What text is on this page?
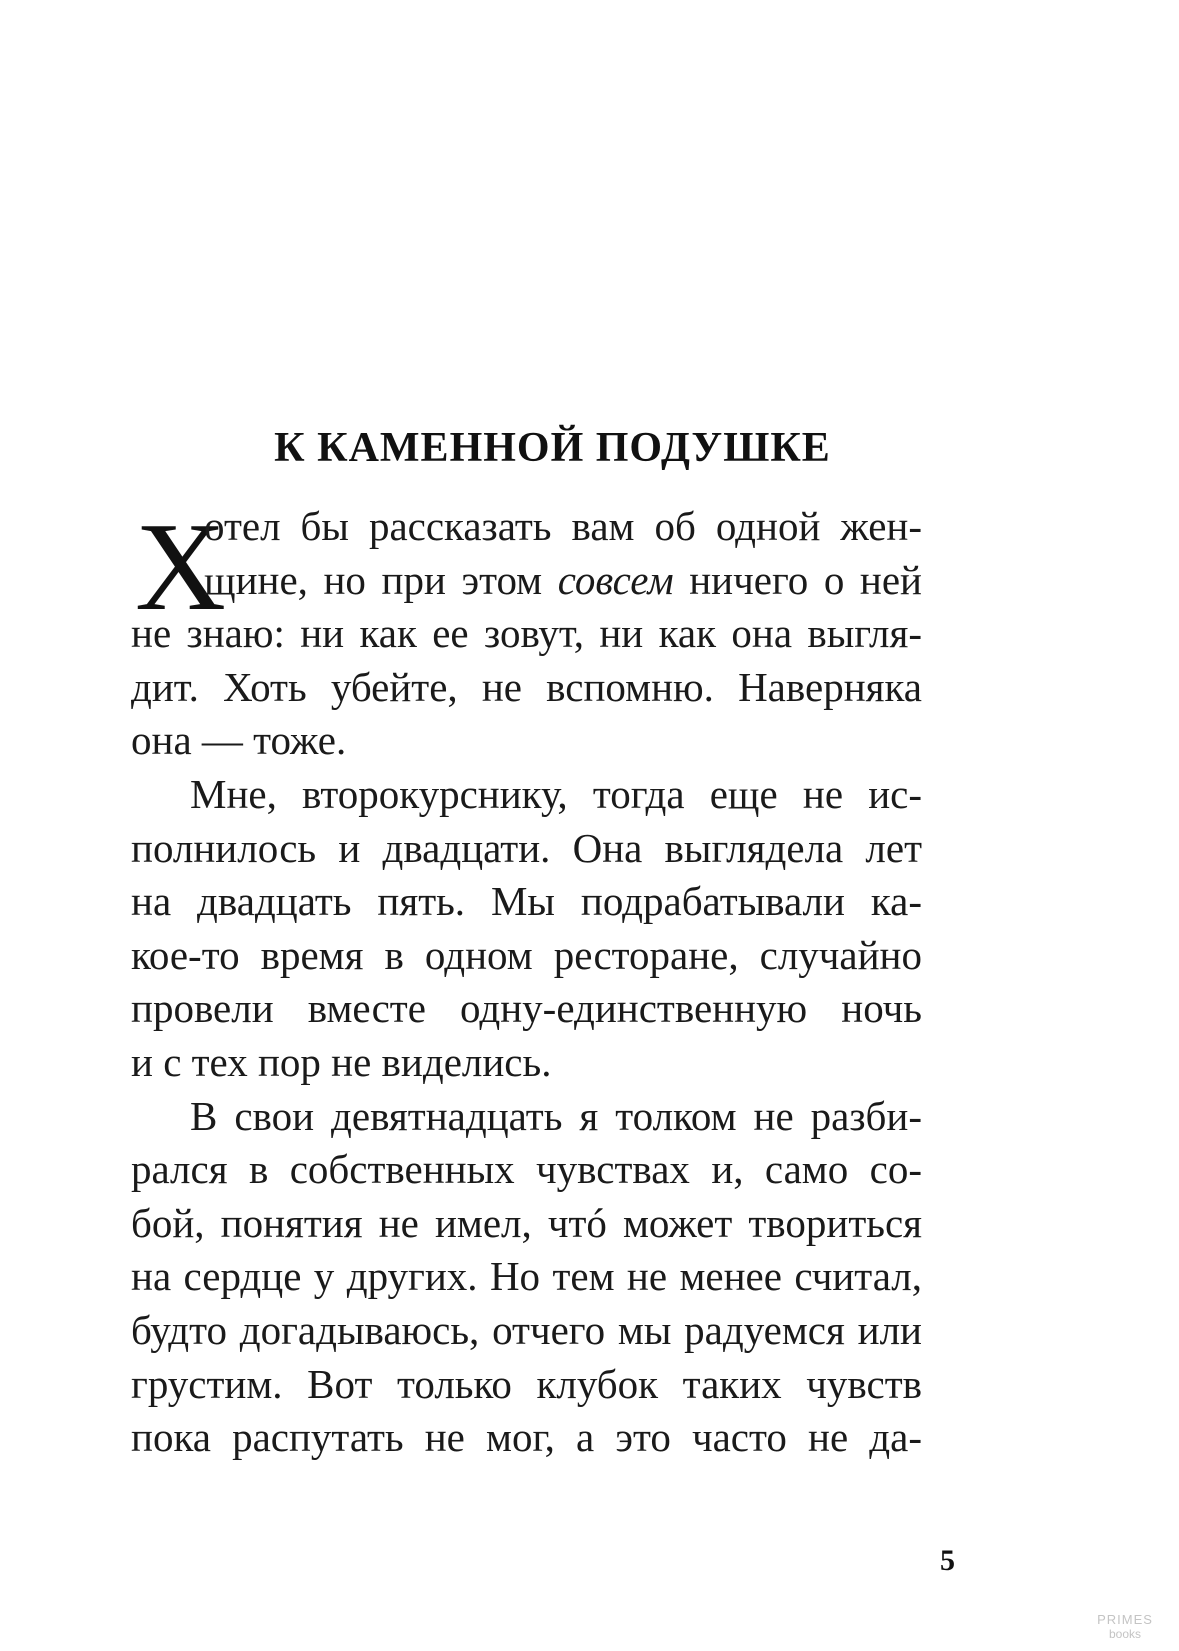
К КАМЕННОЙ ПОДУШКЕ
Х
отел бы рассказать вам об одной жен-
щине, но при этом совсем ничего о ней
не знаю: ни как ее зовут, ни как она выгля-
дит. Хоть убейте, не вспомню. Наверняка
она — тоже.
Мне, второкурснику, тогда еще не ис-
полнилось и двадцати. Она выглядела лет
на двадцать пять. Мы подрабатывали ка-
кое-то время в одном ресторане, случайно
провели вместе одну-единственную ночь
и с тех пор не виделись.
В свои девятнадцать я толком не разби-
рался в собственных чувствах и, само со-
бой, понятия не имел, чтó может твориться
на сердце у других. Но тем не менее считал,
будто догадываюсь, отчего мы радуемся или
грустим. Вот только клубок таких чувств
пока распутать не мог, а это часто не да-
5
PRIMES
books
